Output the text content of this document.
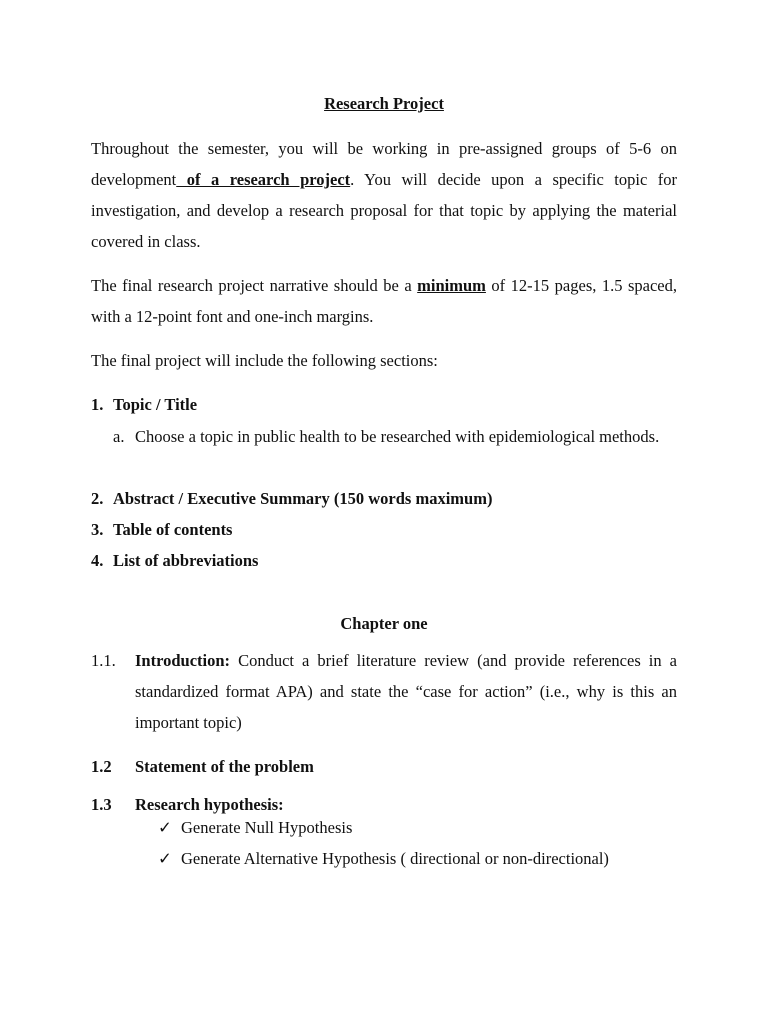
Research Project

Throughout the semester, you will be working in pre-assigned groups of 5-6 on development of a research project. You will decide upon a specific topic for investigation, and develop a research proposal for that topic by applying the material covered in class.

The final research project narrative should be a minimum of 12-15 pages, 1.5 spaced, with a 12-point font and one-inch margins.

The final project will include the following sections:

1. Topic / Title
a. Choose a topic in public health to be researched with epidemiological methods.
2. Abstract / Executive Summary (150 words maximum)
3. Table of contents
4. List of abbreviations
Chapter one
1.1. Introduction: Conduct a brief literature review (and provide references in a standardized format APA) and state the “case for action” (i.e., why is this an important topic)
1.2 Statement of the problem
1.3 Research hypothesis:
✓ Generate Null Hypothesis
✓ Generate Alternative Hypothesis ( directional or non-directional)
